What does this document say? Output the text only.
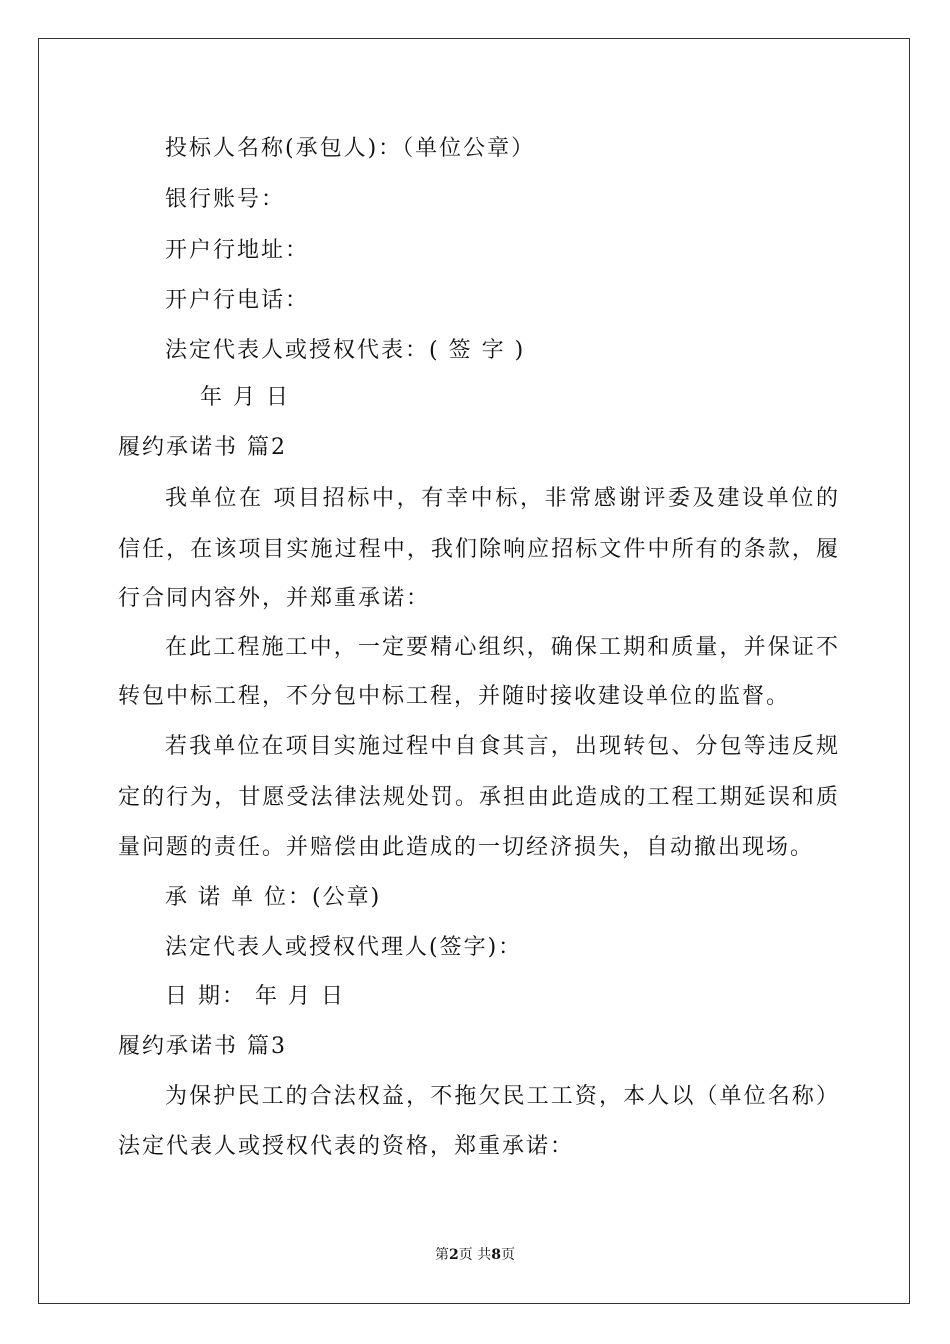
投标人名称(承包人)：（单位公章）

银行账号：

开户行地址：

开户行电话：

法定代表人或授权代表：( 签 字 )

年 月 日

履约承诺书 篇2

我单位在 项目招标中，有幸中标，非常感谢评委及建设单位的

信任，在该项目实施过程中，我们除响应招标文件中所有的条款，履

行合同内容外，并郑重承诺：

在此工程施工中，一定要精心组织，确保工期和质量，并保证不

转包中标工程，不分包中标工程，并随时接收建设单位的监督。

若我单位在项目实施过程中自食其言，出现转包、分包等违反规

定的行为，甘愿受法律法规处罚。承担由此造成的工程工期延误和质

量问题的责任。并赔偿由此造成的一切经济损失，自动撤出现场。

承 诺 单 位：(公章)

法定代表人或授权代理人(签字)：

日 期： 年 月 日

履约承诺书 篇3

为保护民工的合法权益，不拖欠民工工资，本人以（单位名称）

法定代表人或授权代表的资格，郑重承诺：

第2页 共8页
